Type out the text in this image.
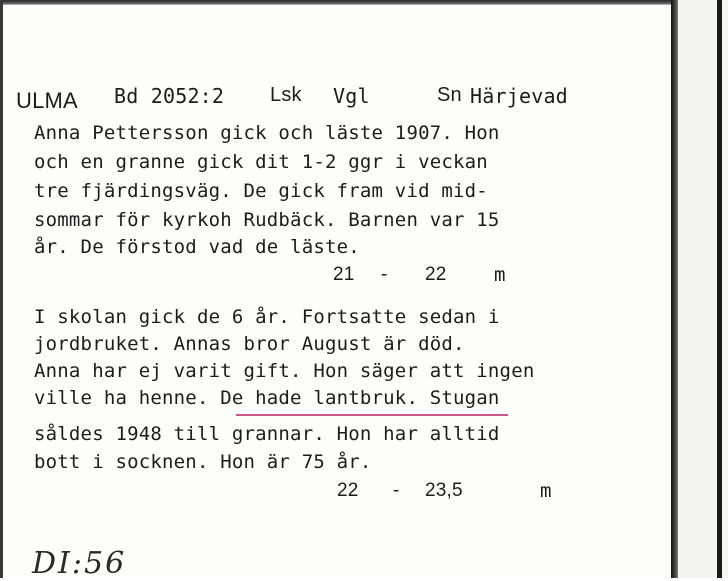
ULMA Bd 2052:2 Lsk Vgl	Sn Härjevad
Anna Pettersson gick och läste 1907. Hon
och en granne gick dit 1-2 ggr i veckan
tre fjärdingsväg. De gick fram vid mid-
sommar för kyrkoh Rudbäck. Barnen var 15
år. De förstod vad de läste.
21 - 22 m
I skolan gick de 6 år. Fortsatte sedan i
jordbruket. Annas bror August är död.
Anna har ej varit gift. Hon säger att ingen
ville ha henne. De hade lantbruk. Stugan
såldes 1948 till grannar. Hon har alltid
bott i socknen. Hon är 75 år.
22 - 23,5	m
DI:56
